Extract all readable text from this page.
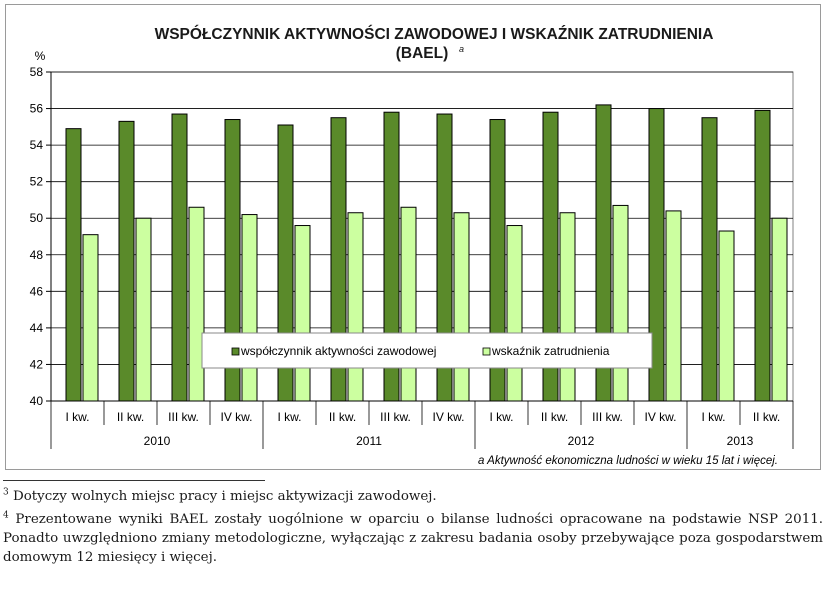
WSPÓŁCZYNNIK AKTYWNOŚCI ZAWODOWEJ I WSKAŹNIK ZATRUDNIENIA
(BAEL) a
%
40
42
44
46
48
50
52
54
56
58
I kw. II kw. III kw. IV kw. I kw. II kw. III kw. IV kw. I kw. II kw. III kw. IV kw. I kw. II kw.
2010	2011	2012	2013
współczynnik aktywności zawodowej	wskaźnik zatrudnienia
a Aktywność ekonomiczna ludności w wieku 15 lat i więcej.

$^3$ Dotyczy wolnych miejsc pracy i miejsc aktywizacji zawodowej.

$^4$ Prezentowane wyniki BAEL zostały uogólnione w oparciu o bilanse ludności opracowane na podstawie NSP 2011. Ponadto uwzględniono zmiany metodologiczne, wyłączając z zakresu badania osoby przebywające poza gospodarstwem domowym 12 miesięcy i więcej.
